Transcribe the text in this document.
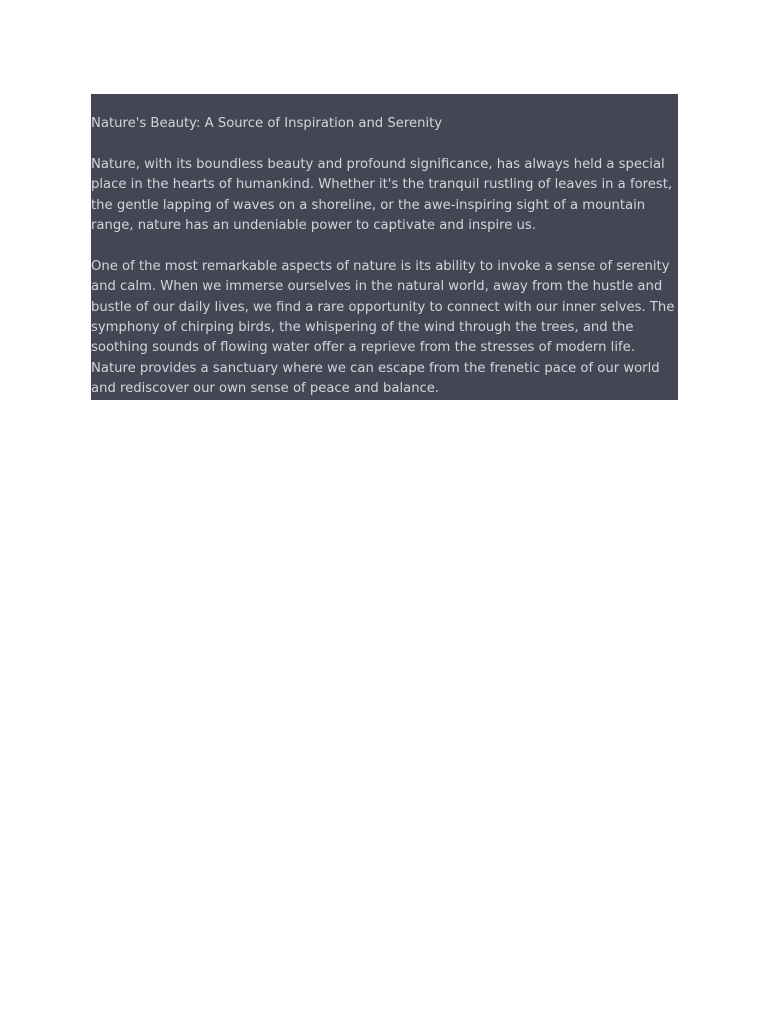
Nature's Beauty: A Source of Inspiration and Serenity

Nature, with its boundless beauty and profound significance, has always held a special place in the hearts of humankind. Whether it's the tranquil rustling of leaves in a forest, the gentle lapping of waves on a shoreline, or the awe-inspiring sight of a mountain range, nature has an undeniable power to captivate and inspire us.

One of the most remarkable aspects of nature is its ability to invoke a sense of serenity and calm. When we immerse ourselves in the natural world, away from the hustle and bustle of our daily lives, we find a rare opportunity to connect with our inner selves. The symphony of chirping birds, the whispering of the wind through the trees, and the soothing sounds of flowing water offer a reprieve from the stresses of modern life. Nature provides a sanctuary where we can escape from the frenetic pace of our world and rediscover our own sense of peace and balance.
